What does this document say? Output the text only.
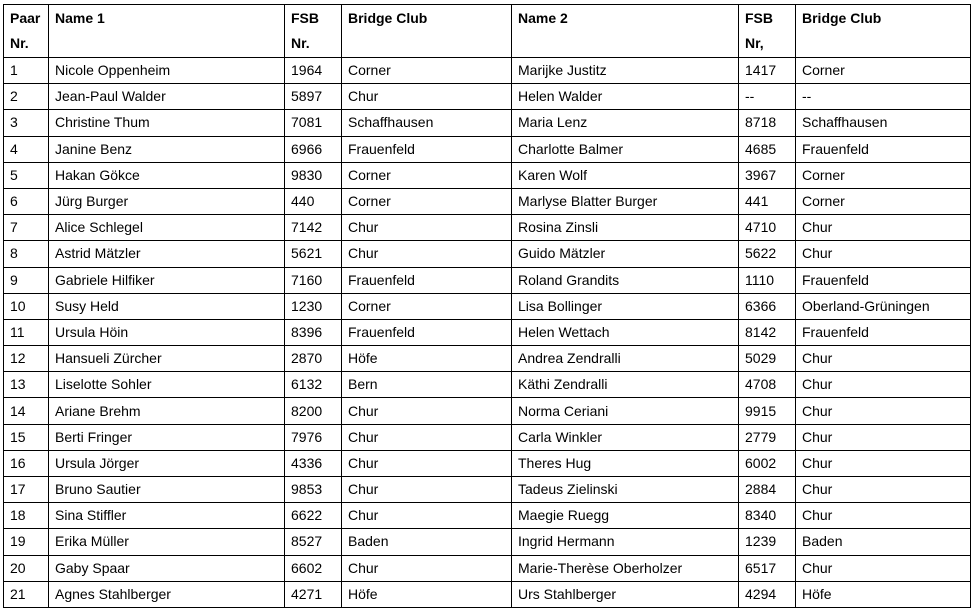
Paar Nr.	Name 1	FSB Nr.	Bridge Club	Name 2	FSB Nr,	Bridge Club
1	Nicole Oppenheim	1964	Corner	Marijke Justitz	1417	Corner
2	Jean-Paul Walder	5897	Chur	Helen Walder	--	--
3	Christine Thum	7081	Schaffhausen	Maria Lenz	8718	Schaffhausen
4	Janine Benz	6966	Frauenfeld	Charlotte Balmer	4685	Frauenfeld
5	Hakan Gökce	9830	Corner	Karen Wolf	3967	Corner
6	Jürg Burger	440	Corner	Marlyse Blatter Burger	441	Corner
7	Alice Schlegel	7142	Chur	Rosina Zinsli	4710	Chur
8	Astrid Mätzler	5621	Chur	Guido Mätzler	5622	Chur
9	Gabriele Hilfiker	7160	Frauenfeld	Roland Grandits	1110	Frauenfeld
10	Susy Held	1230	Corner	Lisa Bollinger	6366	Oberland-Grüningen
11	Ursula Höin	8396	Frauenfeld	Helen Wettach	8142	Frauenfeld
12	Hansueli Zürcher	2870	Höfe	Andrea Zendralli	5029	Chur
13	Liselotte Sohler	6132	Bern	Käthi Zendralli	4708	Chur
14	Ariane Brehm	8200	Chur	Norma Ceriani	9915	Chur
15	Berti Fringer	7976	Chur	Carla Winkler	2779	Chur
16	Ursula Jörger	4336	Chur	Theres Hug	6002	Chur
17	Bruno Sautier	9853	Chur	Tadeus Zielinski	2884	Chur
18	Sina Stiffler	6622	Chur	Maegie Ruegg	8340	Chur
19	Erika Müller	8527	Baden	Ingrid Hermann	1239	Baden
20	Gaby Spaar	6602	Chur	Marie-Therèse Oberholzer	6517	Chur
21	Agnes Stahlberger	4271	Höfe	Urs Stahlberger	4294	Höfe
